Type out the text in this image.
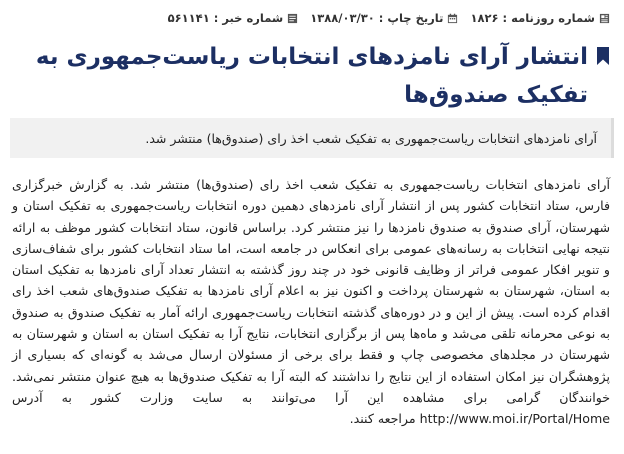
شماره روزنامه :
۱۸۲۶
تاریخ چاپ :
۱۳۸۸/۰۳/۳۰
شماره خبر :
۵۶۱۱۴۱
انتشار آرای نامزدهای انتخابات ریاست‌جمهوری به تفکیک صندوق‌ها
آرای نامزدهای انتخابات ریاست‌جمهوری به تفکیک شعب اخذ رای (صندوق‌ها) منتشر شد.

آرای نامزدهای انتخابات ریاست‌جمهوری به تفکیک شعب اخذ رای (صندوق‌ها) منتشر شد. به گزارش خبرگزاری فارس، ستاد انتخابات کشور پس از انتشار آرای نامزدهای دهمین دوره انتخابات ریاست‌جمهوری به تفکیک استان و شهرستان، آرای صندوق به صندوق نامزدها را نیز منتشر کرد. براساس قانون، ستاد انتخابات کشور موظف به ارائه نتیجه نهایی انتخابات به رسانه‌های عمومی برای انعکاس در جامعه است، اما ستاد انتخابات کشور برای شفاف‌سازی و تنویر افکار عمومی فراتر از وظایف قانونی خود در چند روز گذشته به انتشار تعداد آرای نامزدها به تفکیک استان به استان، شهرستان به شهرستان پرداخت و اکنون نیز به اعلام آرای نامزدها به تفکیک صندوق‌های شعب اخذ رای اقدام کرده است. پیش از این و در دوره‌های گذشته انتخابات ریاست‌جمهوری ارائه آمار به تفکیک صندوق به صندوق به نوعی محرمانه تلقی می‌شد و ماه‌ها پس از برگزاری انتخابات، نتایج آرا به تفکیک استان به استان و شهرستان به شهرستان در مجلدهای مخصوصی چاپ و فقط برای برخی از مسئولان ارسال می‌شد به گونه‌ای که بسیاری از پژوهشگران نیز امکان استفاده از این نتایج را نداشتند که البته آرا به تفکیک صندوق‌ها به هیچ عنوان منتشر نمی‌شد. خوانندگان گرامی برای مشاهده این آرا می‌توانند به سایت وزارت کشور به آدرس http://www.moi.ir/Portal/Home مراجعه کنند.
